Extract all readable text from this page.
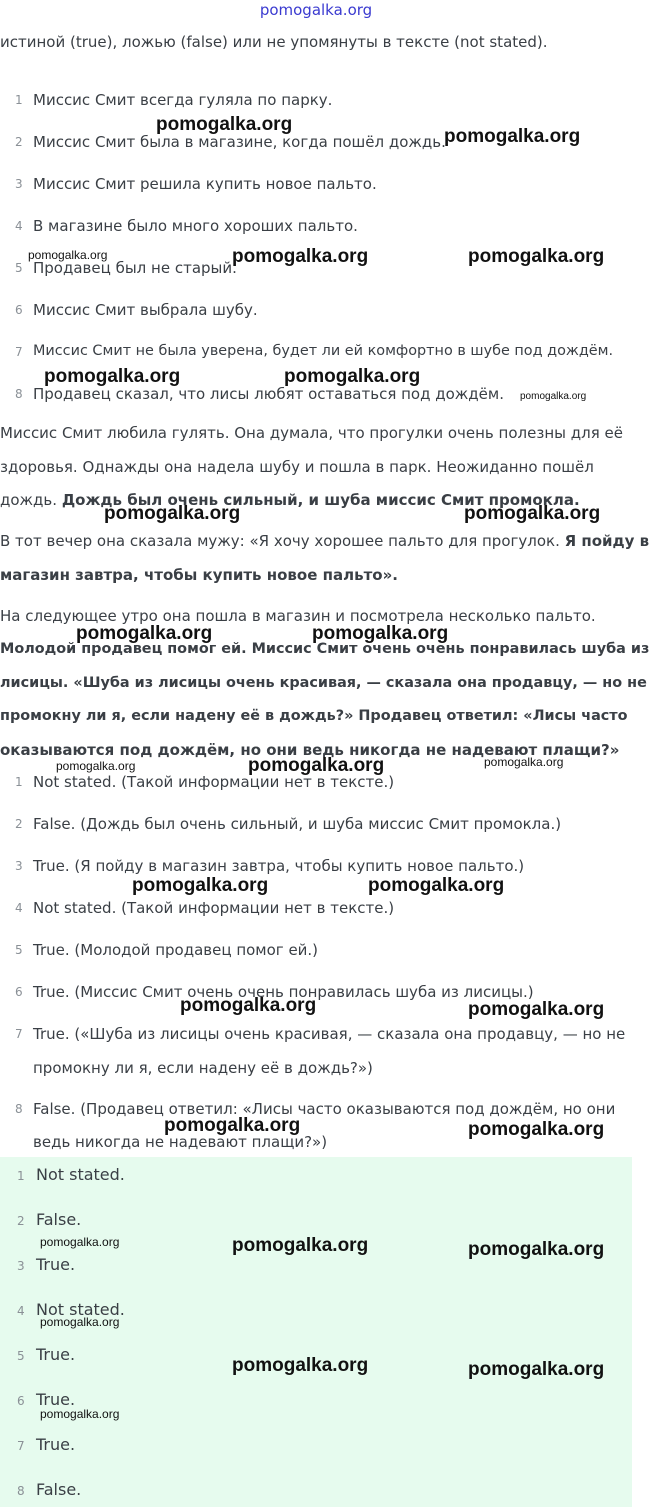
pomogalka.org
истиной (true), ложью (false) или не упомянуты в тексте (not stated).
1 Миссис Смит всегда гуляла по парку.
2 Миссис Смит была в магазине, когда пошёл дождь.
3 Миссис Смит решила купить новое пальто.
4 В магазине было много хороших пальто.
5 Продавец был не старый.
6 Миссис Смит выбрала шубу.
7 Миссис Смит не была уверена, будет ли ей комфортно в шубе под дождём.
8 Продавец сказал, что лисы любят оставаться под дождём.
Миссис Смит любила гулять. Она думала, что прогулки очень полезны для её
здоровья. Однажды она надела шубу и пошла в парк. Неожиданно пошёл
дождь. Дождь был очень сильный, и шуба миссис Смит промокла.
В тот вечер она сказала мужу: «Я хочу хорошее пальто для прогулок. Я пойду в
магазин завтра, чтобы купить новое пальто».
На следующее утро она пошла в магазин и посмотрела несколько пальто.
Молодой продавец помог ей. Миссис Смит очень очень понравилась шуба из
лисицы. «Шуба из лисицы очень красивая, — сказала она продавцу, — но не
промокну ли я, если надену её в дождь?» Продавец ответил: «Лисы часто
оказываются под дождём, но они ведь никогда не надевают плащи?»
1 Not stated. (Такой информации нет в тексте.)
2 False. (Дождь был очень сильный, и шуба миссис Смит промокла.)
3 True. (Я пойду в магазин завтра, чтобы купить новое пальто.)
4 Not stated. (Такой информации нет в тексте.)
5 True. (Молодой продавец помог ей.)
6 True. (Миссис Смит очень очень понравилась шуба из лисицы.)
7 True. («Шуба из лисицы очень красивая, — сказала она продавцу, — но не
промокну ли я, если надену её в дождь?»)
8 False. (Продавец ответил: «Лисы часто оказываются под дождём, но они
ведь никогда не надевают плащи?»)
1 Not stated.
2 False.
3 True.
4 Not stated.
5 True.
6 True.
7 True.
8 False.
pomogalka.org
pomogalka.org
pomogalka.org	pomogalka.org	pomogalka.org
pomogalka.org	pomogalka.org
pomogalka.org
pomogalka.org	pomogalka.org
pomogalka.org	pomogalka.org
pomogalka.org	pomogalka.org	pomogalka.org
pomogalka.org	pomogalka.org
pomogalka.org	pomogalka.org
pomogalka.org	pomogalka.org
pomogalka.org	pomogalka.org	pomogalka.org
pomogalka.org
pomogalka.org	pomogalka.org
pomogalka.org
